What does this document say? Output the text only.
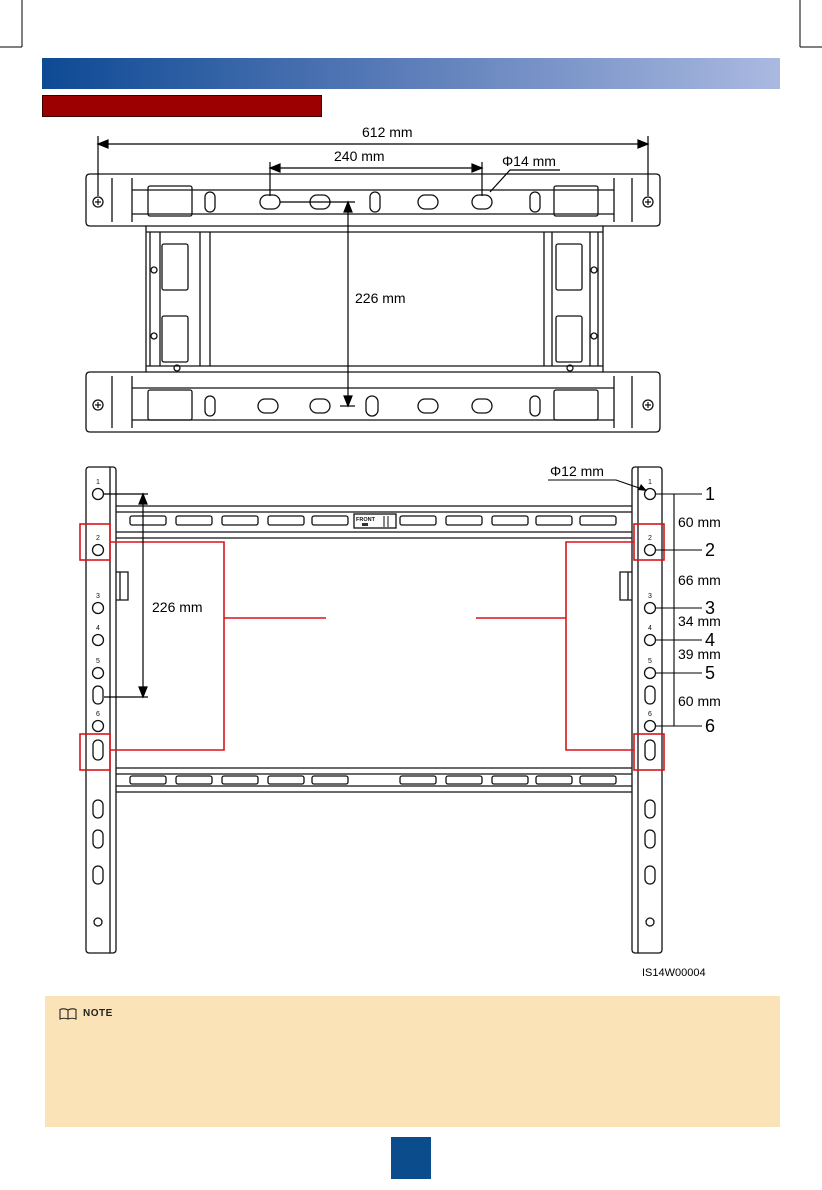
612 mm
240 mm	Φ14 mm
226 mm
FRONT
1
2
3
4
5
6
1
2
3
4
5
6
226 mm
Φ12 mm
1
2
3
4
5
6
60 mm
66 mm
34 mm
39 mm
60 mm
IS14W00004
NOTE
